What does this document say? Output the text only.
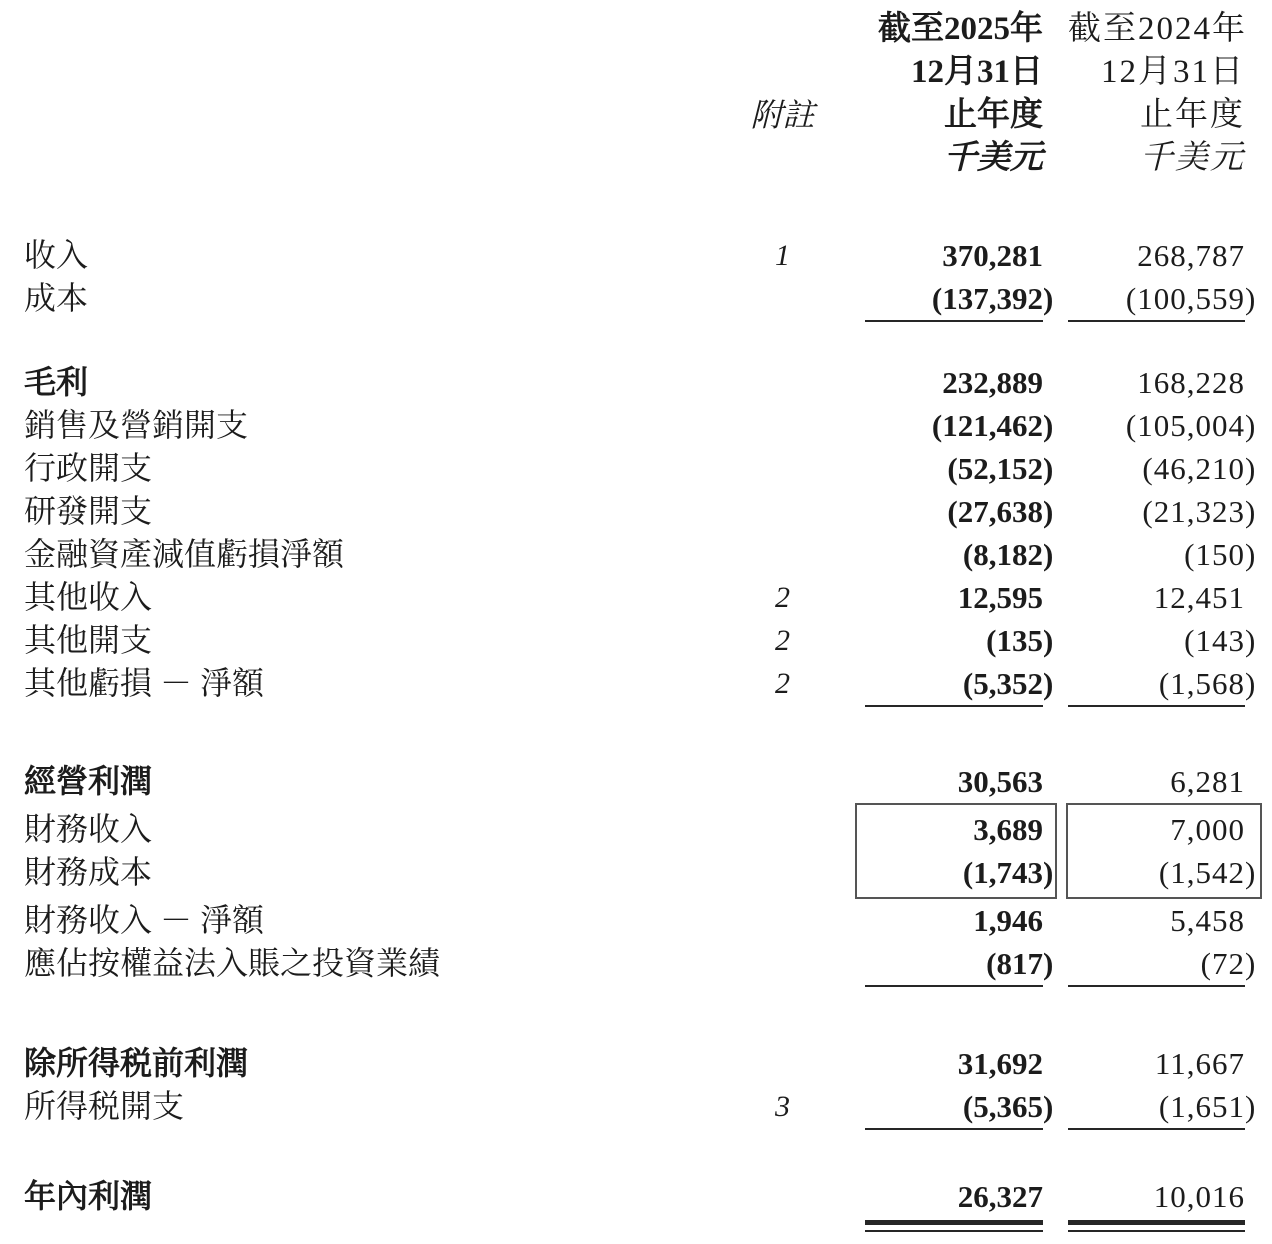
附註
截至2025年
12月31日
止年度
千美元
截至2024年
12月31日
止年度
千美元
收入	1	370,281	268,787
成本	(137,392)	(100,559)
毛利	232,889	168,228
銷售及營銷開支	(121,462)	(105,004)
行政開支	(52,152)	(46,210)
研發開支	(27,638)	(21,323)
金融資產減值虧損淨額	(8,182)	(150)
其他收入	2	12,595	12,451
其他開支	2	(135)	(143)
其他虧損 － 淨額	2	(5,352)	(1,568)
經營利潤	30,563	6,281
財務收入	3,689	7,000
財務成本	(1,743)	(1,542)
財務收入 － 淨額	1,946	5,458
應佔按權益法入賬之投資業績	(817)	(72)
除所得税前利潤	31,692	11,667
所得税開支	3	(5,365)	(1,651)
年內利潤	26,327	10,016
